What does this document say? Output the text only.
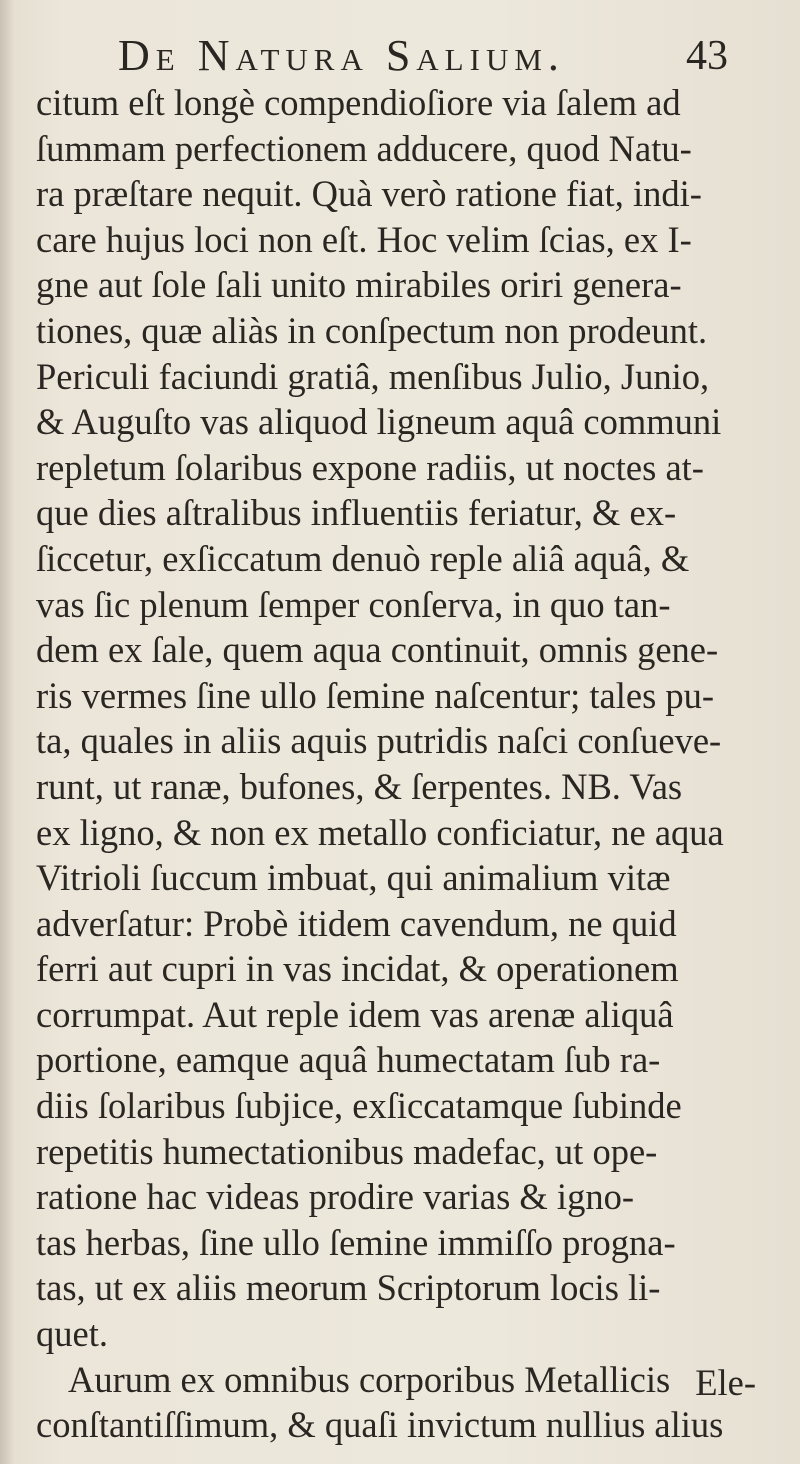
De Natura Salium.	43
citum eſt longè compendioſiore via ſalem ad
ſummam perfectionem adducere, quod Natu-
ra præſtare nequit. Quà verò ratione fiat, indi-
care hujus loci non eſt. Hoc velim ſcias, ex I-
gne aut ſole ſali unito mirabiles oriri genera-
tiones, quæ aliàs in conſpectum non prodeunt.
Periculi faciundi gratiâ, menſibus Julio, Junio,
& Auguſto vas aliquod ligneum aquâ communi
repletum ſolaribus expone radiis, ut noctes at-
que dies aſtralibus influentiis feriatur, & ex-
ſiccetur, exſiccatum denuò reple aliâ aquâ, &
vas ſic plenum ſemper conſerva, in quo tan-
dem ex ſale, quem aqua continuit, omnis gene-
ris vermes ſine ullo ſemine naſcentur; tales pu-
ta, quales in aliis aquis putridis naſci conſueve-
runt, ut ranæ, bufones, & ſerpentes. NB. Vas
ex ligno, & non ex metallo conficiatur, ne aqua
Vitrioli ſuccum imbuat, qui animalium vitæ
adverſatur: Probè itidem cavendum, ne quid
ferri aut cupri in vas incidat, & operationem
corrumpat. Aut reple idem vas arenæ aliquâ
portione, eamque aquâ humectatam ſub ra-
diis ſolaribus ſubjice, exſiccatamque ſubinde
repetitis humectationibus madefac, ut ope-
ratione hac videas prodire varias & igno-
tas herbas, ſine ullo ſemine immiſſo progna-
tas, ut ex aliis meorum Scriptorum locis li-
quet.
Aurum ex omnibus corporibus Metallicis
conſtantiſſimum, & quaſi invictum nullius alius
Ele-
